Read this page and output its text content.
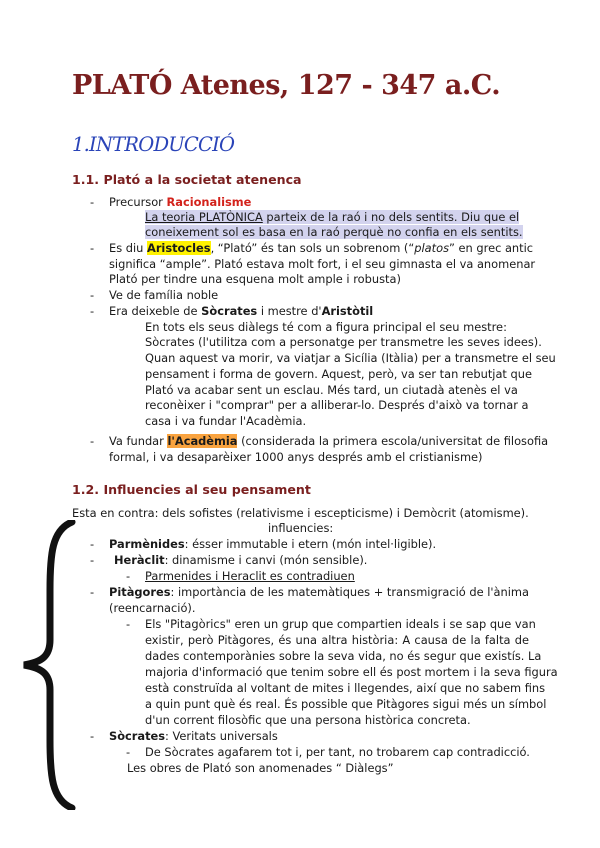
PLATÓ Atenes, 127 - 347 a.C.
1.INTRODUCCIÓ
1.1. Plató a la societat atenenca
- Precursor Racionalisme
La teoria PLATÒNICA parteix de la raó i no dels sentits. Diu que el
coneixement sol es basa en la raó perquè no confia en els sentits.
- Es diu Aristocles, “Plató” és tan sols un sobrenom (“platos” en grec antic
significa “ample”. Plató estava molt fort, i el seu gimnasta el va anomenar
Plató per tindre una esquena molt ample i robusta)
- Ve de família noble
- Era deixeble de Sòcrates i mestre d'Aristòtil
En tots els seus diàlegs té com a figura principal el seu mestre:
Sòcrates (l'utilitza com a personatge per transmetre les seves idees).
Quan aquest va morir, va viatjar a Sicília (Itàlia) per a transmetre el seu
pensament i forma de govern. Aquest, però, va ser tan rebutjat que
Plató va acabar sent un esclau. Més tard, un ciutadà atenès el va
reconèixer i "comprar" per a alliberar-lo. Després d'això va tornar a
casa i va fundar l'Acadèmia.
- Va fundar l'Acadèmia (considerada la primera escola/universitat de filosofia
formal, i va desaparèixer 1000 anys després amb el cristianisme)
1.2. Influencies al seu pensament
Esta en contra: dels sofistes (relativisme i escepticisme) i Demòcrit (atomisme).
influencies:
- Parmènides: ésser immutable i etern (món intel·ligible).
- Heràclit: dinamisme i canvi (món sensible).
- Parmenides i Heraclit es contradiuen
- Pitàgores: importància de les matemàtiques + transmigració de l'ànima
(reencarnació).
- Els "Pitagòrics" eren un grup que compartien ideals i se sap que van
existir, però Pitàgores, és una altra història: A causa de la falta de
dades contemporànies sobre la seva vida, no és segur que existís. La
majoria d'informació que tenim sobre ell és post mortem i la seva figura
està construïda al voltant de mites i llegendes, així que no sabem fins
a quin punt què és real. És possible que Pitàgores sigui més un símbol
d'un corrent filosòfic que una persona històrica concreta.
- Sòcrates: Veritats universals
- De Sòcrates agafarem tot i, per tant, no trobarem cap contradicció.
Les obres de Plató son anomenades “ Diàlegs”
